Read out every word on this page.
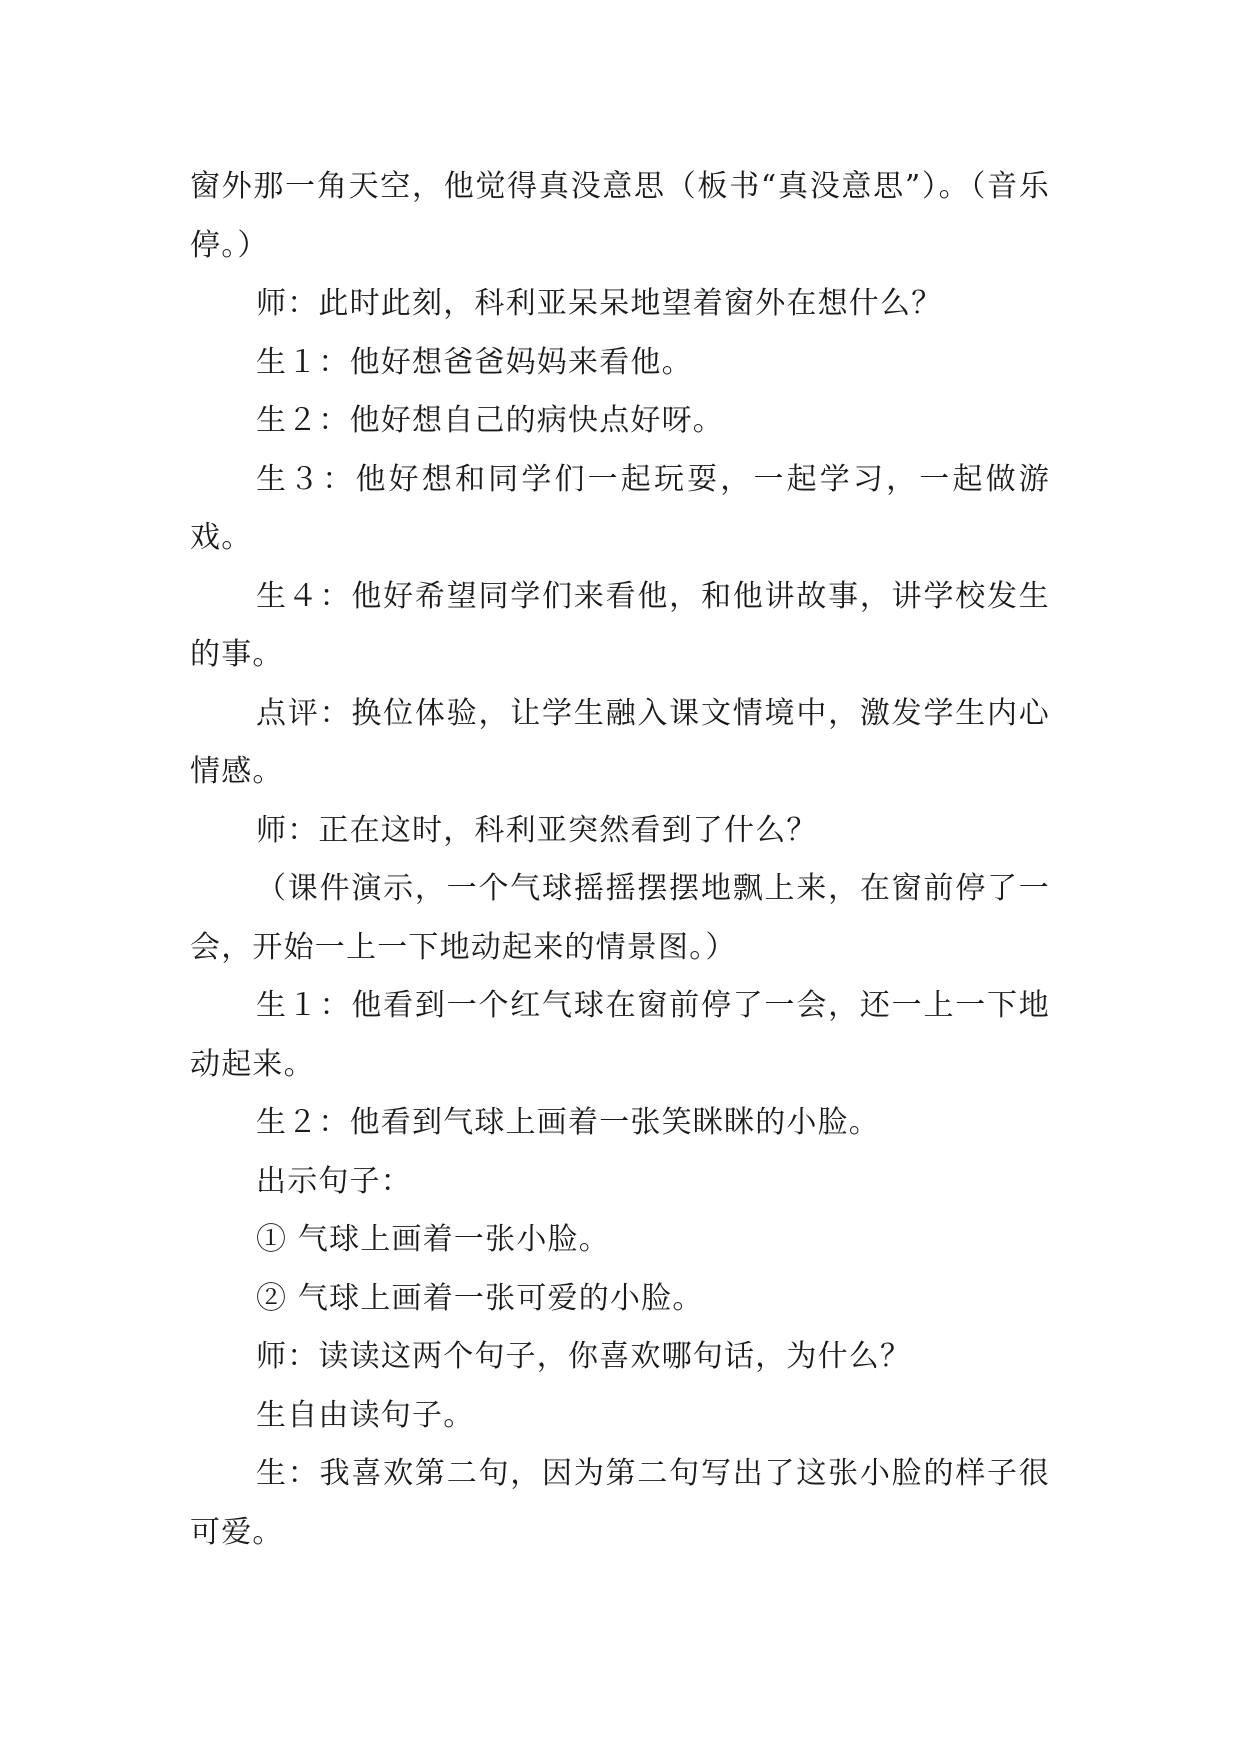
窗外那一角天空，他觉得真没意思（板书“真没意思”）。（音乐停。）

师：此时此刻，科利亚呆呆地望着窗外在想什么？

生１：他好想爸爸妈妈来看他。

生２：他好想自己的病快点好呀。

生３：他好想和同学们一起玩耍，一起学习，一起做游戏。

生４：他好希望同学们来看他，和他讲故事，讲学校发生的事。

点评：换位体验，让学生融入课文情境中，激发学生内心情感。

师：正在这时，科利亚突然看到了什么？

（课件演示，一个气球摇摇摆摆地飘上来，在窗前停了一会，开始一上一下地动起来的情景图。）

生１：他看到一个红气球在窗前停了一会，还一上一下地动起来。

生２：他看到气球上画着一张笑眯眯的小脸。

出示句子：

① 气球上画着一张小脸。

② 气球上画着一张可爱的小脸。

师：读读这两个句子，你喜欢哪句话，为什么？

生自由读句子。

生：我喜欢第二句，因为第二句写出了这张小脸的样子很可爱。
